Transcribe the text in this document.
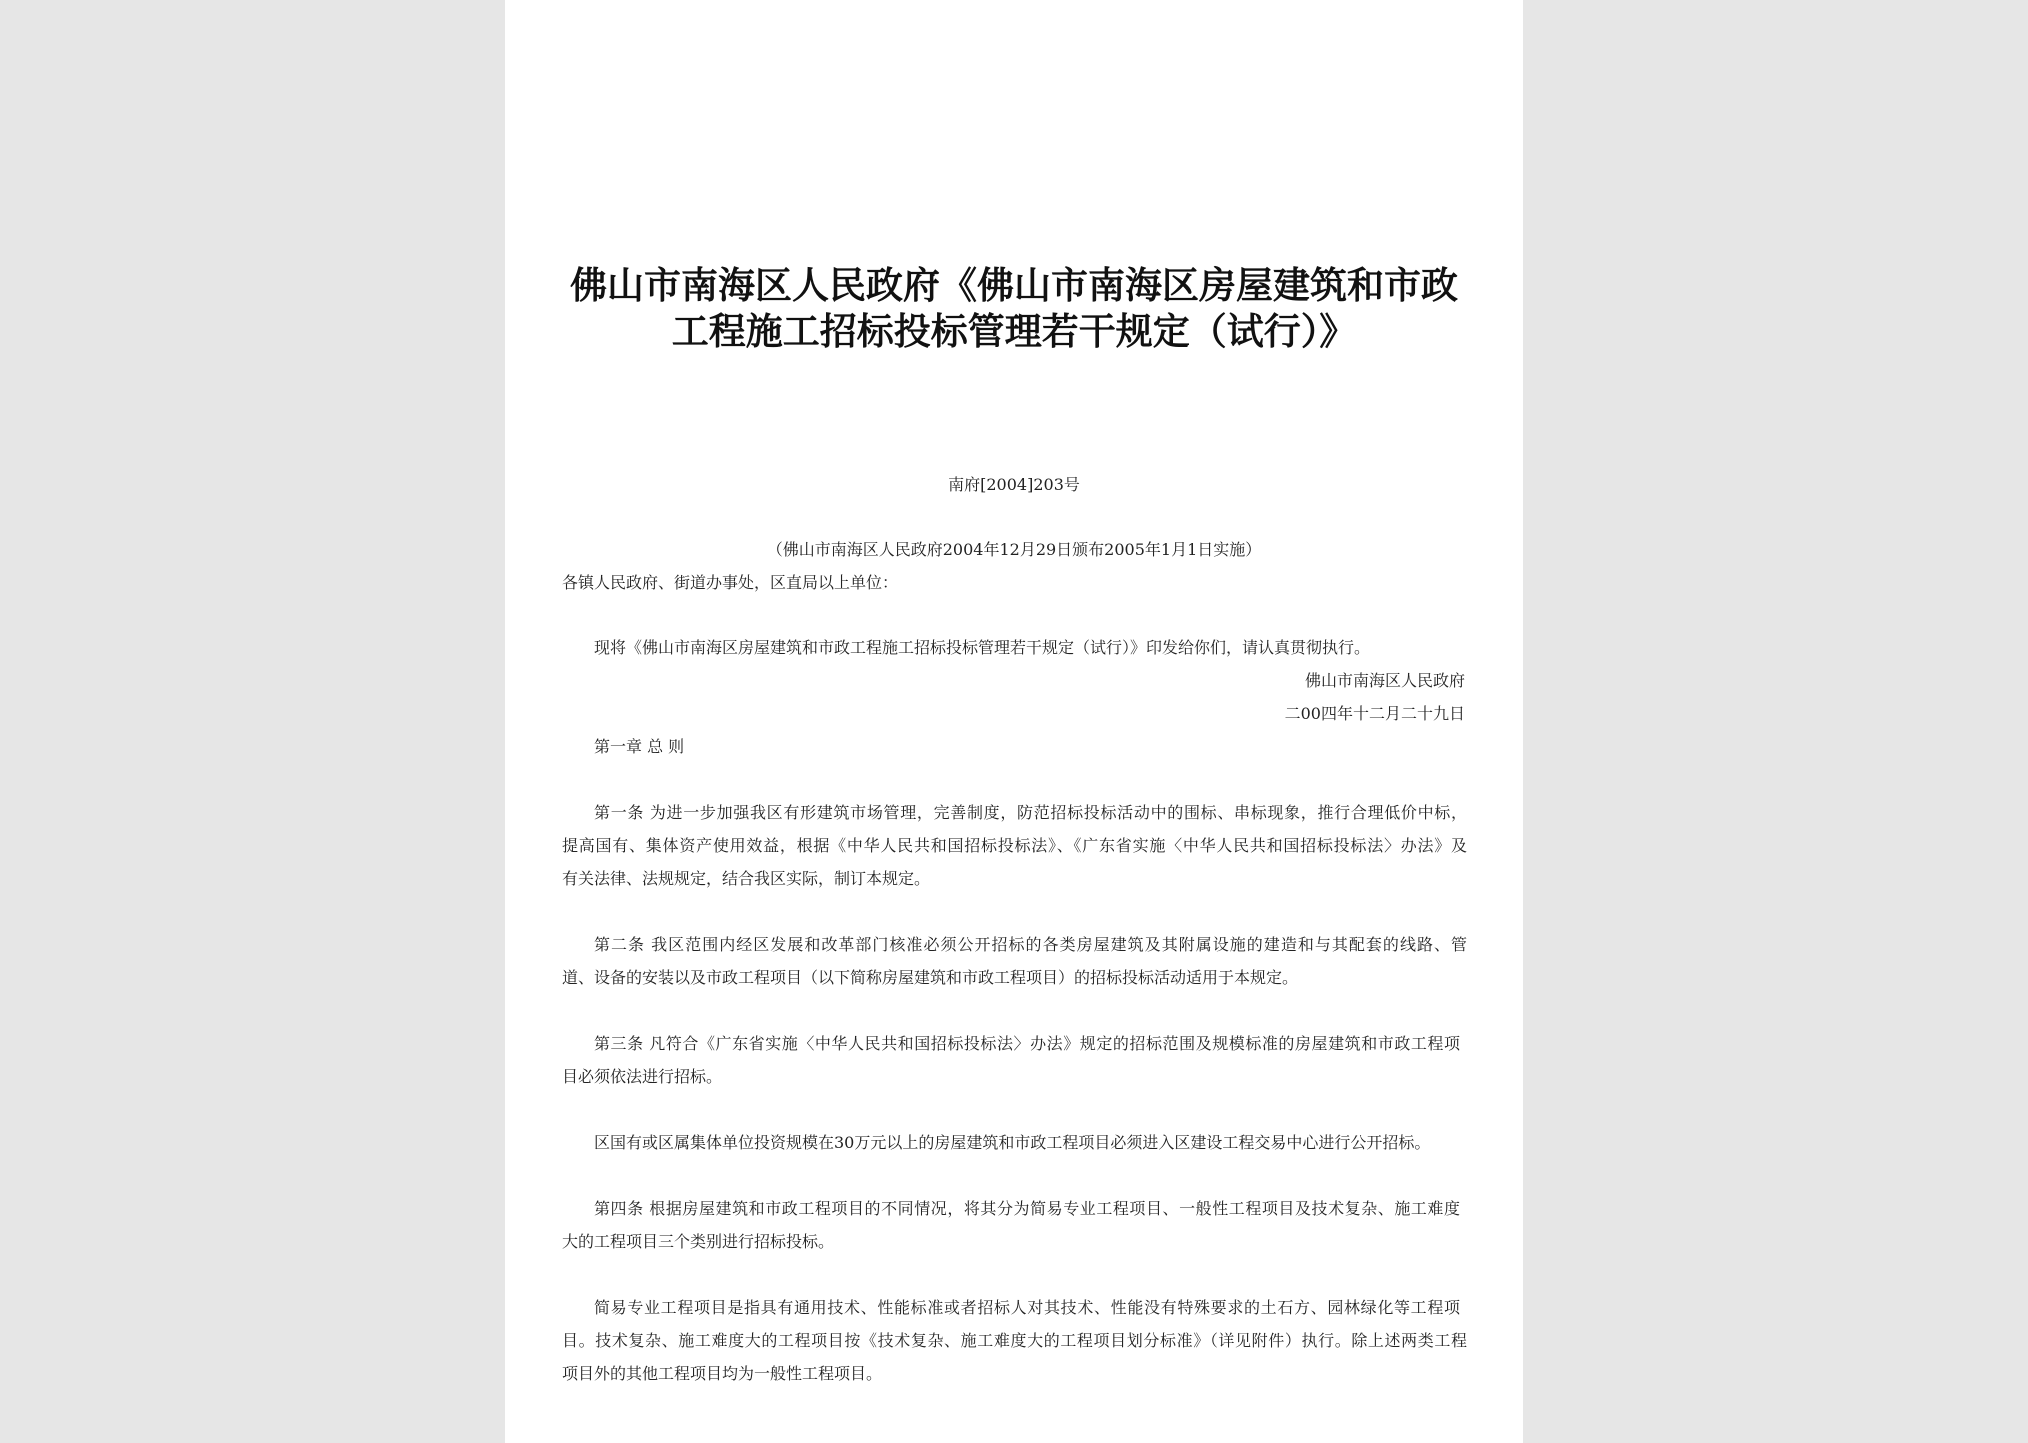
佛山市南海区人民政府《佛山市南海区房屋建筑和市政
工程施工招标投标管理若干规定（试行）》
南府[2004]203号
（佛山市南海区人民政府2004年12月29日颁布2005年1月1日实施）
各镇人民政府、街道办事处，区直局以上单位：
现将《佛山市南海区房屋建筑和市政工程施工招标投标管理若干规定（试行）》印发给你们，请认真贯彻执行。
佛山市南海区人民政府
二00四年十二月二十九日
第一章 总 则
第一条 为进一步加强我区有形建筑市场管理，完善制度，防范招标投标活动中的围标、串标现象，推行合理低价中标，
提高国有、集体资产使用效益，根据《中华人民共和国招标投标法》、《广东省实施〈中华人民共和国招标投标法〉办法》及
有关法律、法规规定，结合我区实际，制订本规定。
第二条 我区范围内经区发展和改革部门核准必须公开招标的各类房屋建筑及其附属设施的建造和与其配套的线路、管
道、设备的安装以及市政工程项目（以下简称房屋建筑和市政工程项目）的招标投标活动适用于本规定。
第三条 凡符合《广东省实施〈中华人民共和国招标投标法〉办法》规定的招标范围及规模标准的房屋建筑和市政工程项
目必须依法进行招标。
区国有或区属集体单位投资规模在30万元以上的房屋建筑和市政工程项目必须进入区建设工程交易中心进行公开招标。
第四条 根据房屋建筑和市政工程项目的不同情况，将其分为简易专业工程项目、一般性工程项目及技术复杂、施工难度
大的工程项目三个类别进行招标投标。
简易专业工程项目是指具有通用技术、性能标准或者招标人对其技术、性能没有特殊要求的土石方、园林绿化等工程项
目。技术复杂、施工难度大的工程项目按《技术复杂、施工难度大的工程项目划分标准》（详见附件）执行。除上述两类工程
项目外的其他工程项目均为一般性工程项目。
